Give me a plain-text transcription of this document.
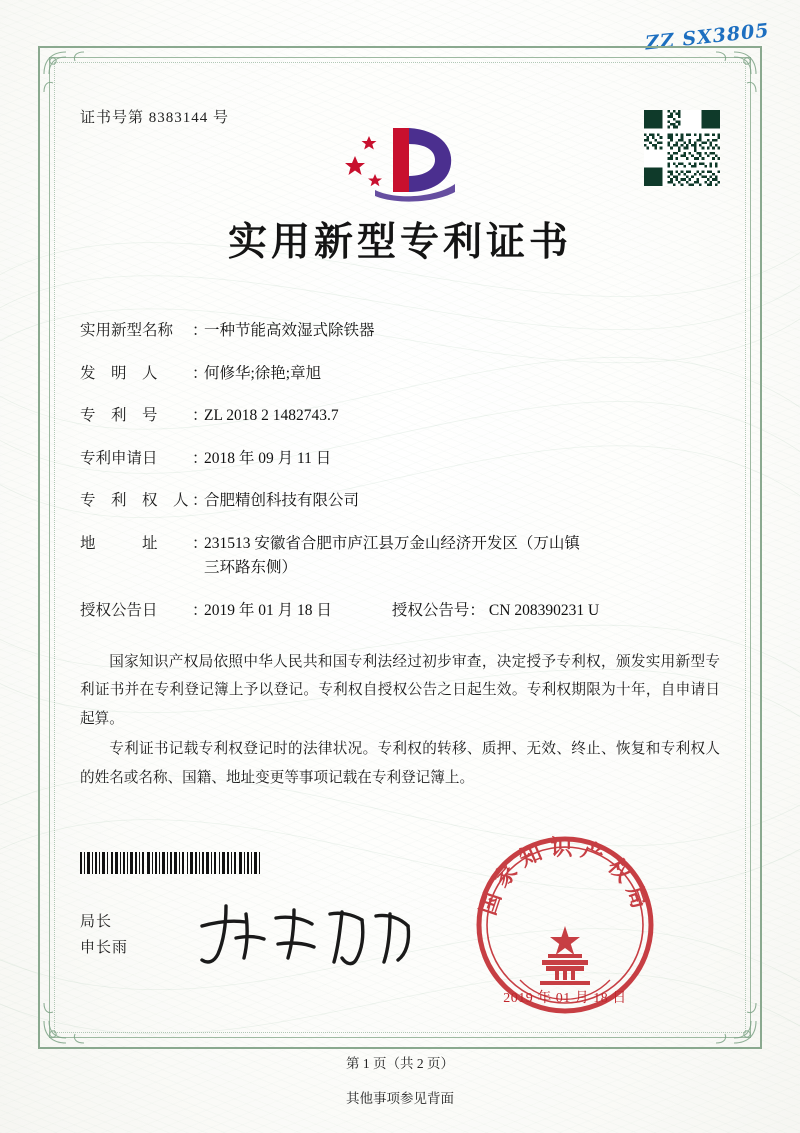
ZZ SX3805
证书号第 8383144 号
实用新型专利证书
实用新型名称	：
一种节能高效湿式除铁器
发　明　人	：
何修华;徐艳;章旭
专　利　号	：
ZL 2018 2 1482743.7
专利申请日	：
2018 年 09 月 11 日
专　利　权　人 ：
合肥精创科技有限公司
地　　　址	：
231513 安徽省合肥市庐江县万金山经济开发区（万山镇
三环路东侧）
授权公告日	：
2019 年 01 月 18 日	授权公告号： CN 208390231 U

国家知识产权局依照中华人民共和国专利法经过初步审查，决定授予专利权，颁发实用新型专利证书并在专利登记簿上予以登记。专利权自授权公告之日起生效。专利权期限为十年，自申请日起算。

专利证书记载专利权登记时的法律状况。专利权的转移、质押、无效、终止、恢复和专利权人的姓名或名称、国籍、地址变更等事项记载在专利登记簿上。

局长
申长雨
国家知识产权局
2019 年 01 月 18 日
第 1 页（共 2 页）
其他事项参见背面
